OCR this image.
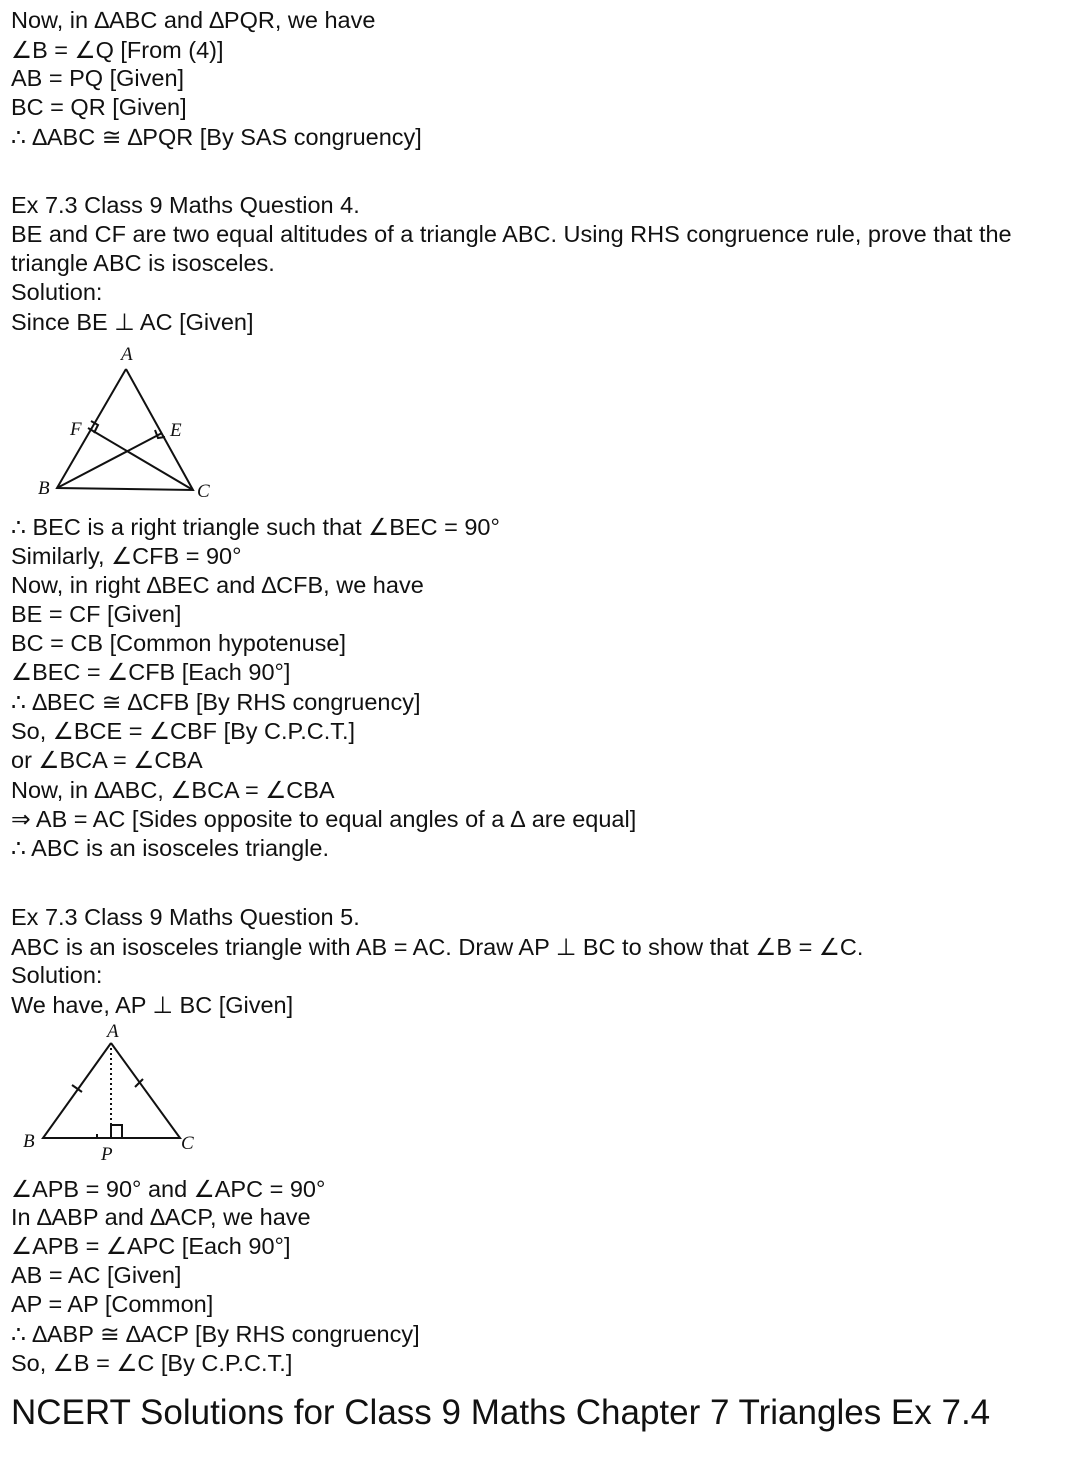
Now, in ∆ABC and ∆PQR, we have
∠B = ∠Q [From (4)]
AB = PQ [Given]
BC = QR [Given]
∴ ∆ABC ≅ ∆PQR [By SAS congruency]
Ex 7.3 Class 9 Maths Question 4.
BE and CF are two equal altitudes of a triangle ABC. Using RHS congruence rule, prove that the
triangle ABC is isosceles.
Solution:
Since BE ⊥ AC [Given]
A
F	E
B	C
∴ BEC is a right triangle such that ∠BEC = 90°
Similarly, ∠CFB = 90°
Now, in right ∆BEC and ∆CFB, we have
BE = CF [Given]
BC = CB [Common hypotenuse]
∠BEC = ∠CFB [Each 90°]
∴ ∆BEC ≅ ∆CFB [By RHS congruency]
So, ∠BCE = ∠CBF [By C.P.C.T.]
or ∠BCA = ∠CBA
Now, in ∆ABC, ∠BCA = ∠CBA
⇒ AB = AC [Sides opposite to equal angles of a ∆ are equal]
∴ ABC is an isosceles triangle.
Ex 7.3 Class 9 Maths Question 5.
ABC is an isosceles triangle with AB = AC. Draw AP ⊥ BC to show that ∠B = ∠C.
Solution:
We have, AP ⊥ BC [Given]
A
B	C
P
∠APB = 90° and ∠APC = 90°
In ∆ABP and ∆ACP, we have
∠APB = ∠APC [Each 90°]
AB = AC [Given]
AP = AP [Common]
∴ ∆ABP ≅ ∆ACP [By RHS congruency]
So, ∠B = ∠C [By C.P.C.T.]
NCERT Solutions for Class 9 Maths Chapter 7 Triangles Ex 7.4
